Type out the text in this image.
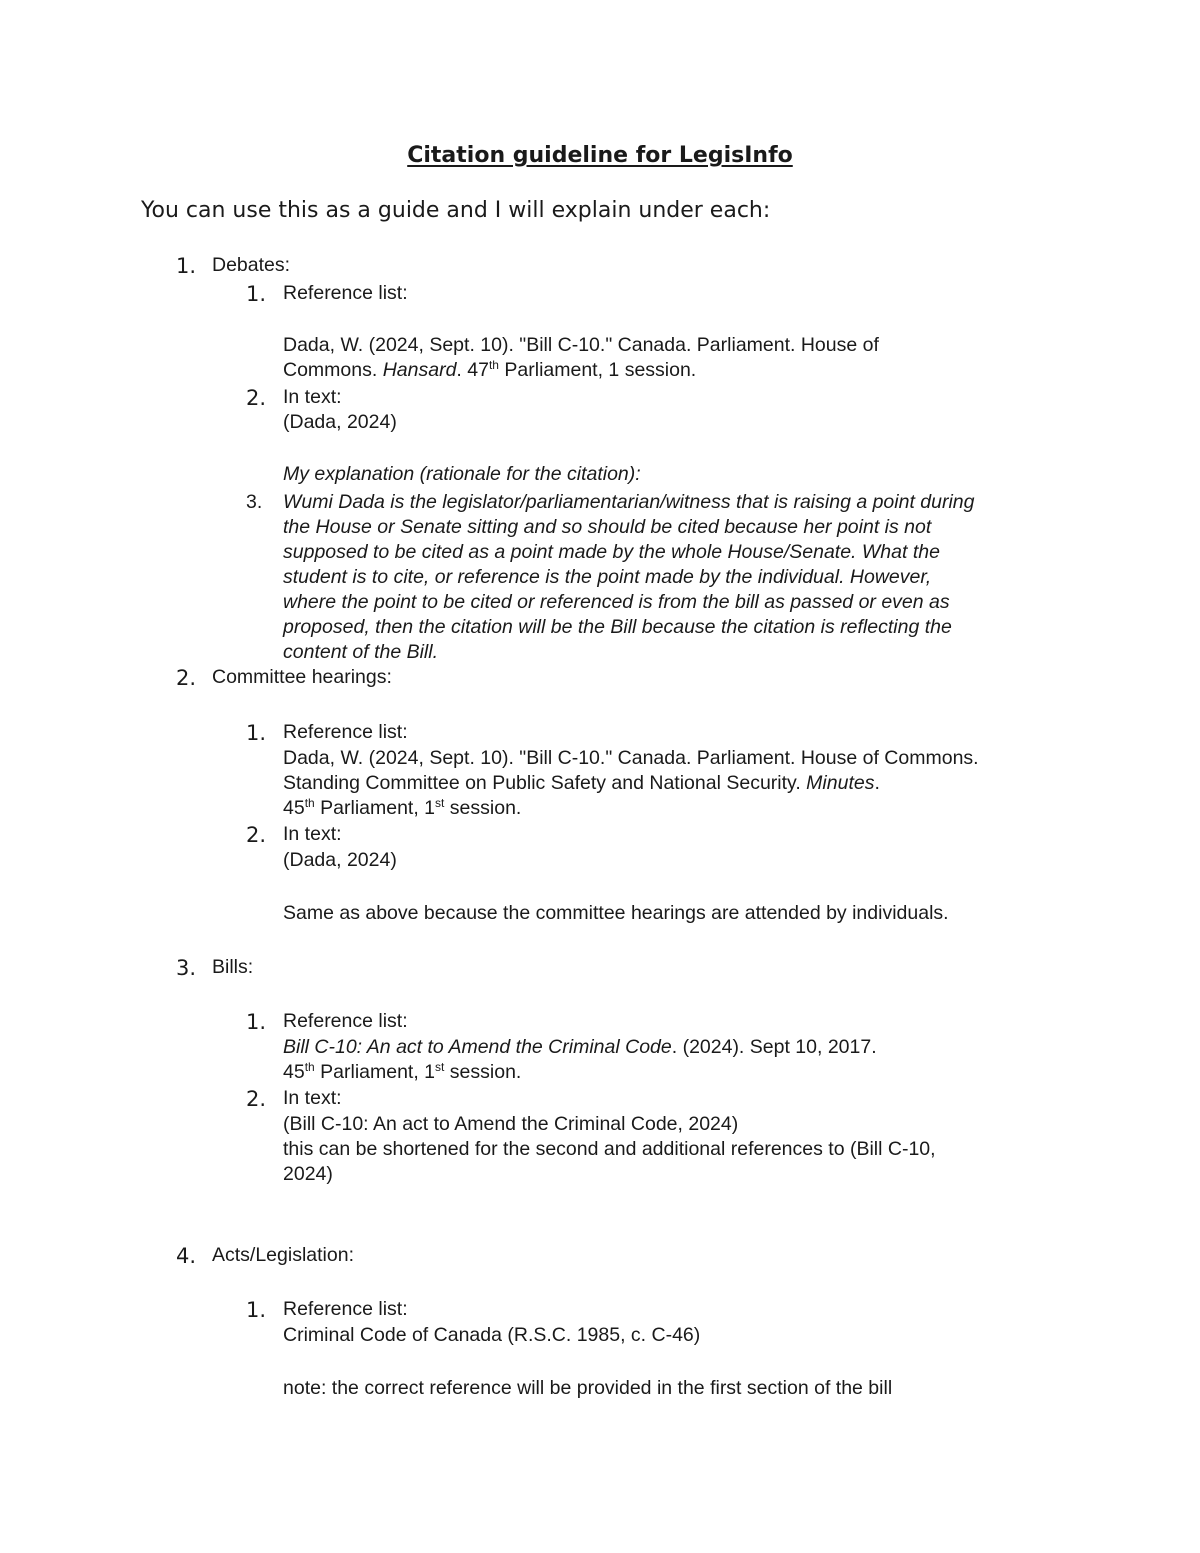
Citation guideline for LegisInfo
You can use this as a guide and I will explain under each:
1. Debates:
1. Reference list:
Dada, W. (2024, Sept. 10). "Bill C-10." Canada. Parliament. House of
Commons. Hansard. 47th Parliament, 1 session.
2. In text:
(Dada, 2024)
My explanation (rationale for the citation):
3. Wumi Dada is the legislator/parliamentarian/witness that is raising a point during
the House or Senate sitting and so should be cited because her point is not
supposed to be cited as a point made by the whole House/Senate. What the
student is to cite, or reference is the point made by the individual. However,
where the point to be cited or referenced is from the bill as passed or even as
proposed, then the citation will be the Bill because the citation is reflecting the
content of the Bill.
2. Committee hearings:
1. Reference list:
Dada, W. (2024, Sept. 10). "Bill C-10." Canada. Parliament. House of Commons.
Standing Committee on Public Safety and National Security. Minutes.
45th Parliament, 1st session.
2. In text:
(Dada, 2024)
Same as above because the committee hearings are attended by individuals.
3. Bills:
1. Reference list:
Bill C-10: An act to Amend the Criminal Code. (2024). Sept 10, 2017.
45th Parliament, 1st session.
2. In text:
(Bill C-10: An act to Amend the Criminal Code, 2024)
this can be shortened for the second and additional references to (Bill C-10,
2024)
4. Acts/Legislation:
1. Reference list:
Criminal Code of Canada (R.S.C. 1985, c. C-46)
note: the correct reference will be provided in the first section of the bill
